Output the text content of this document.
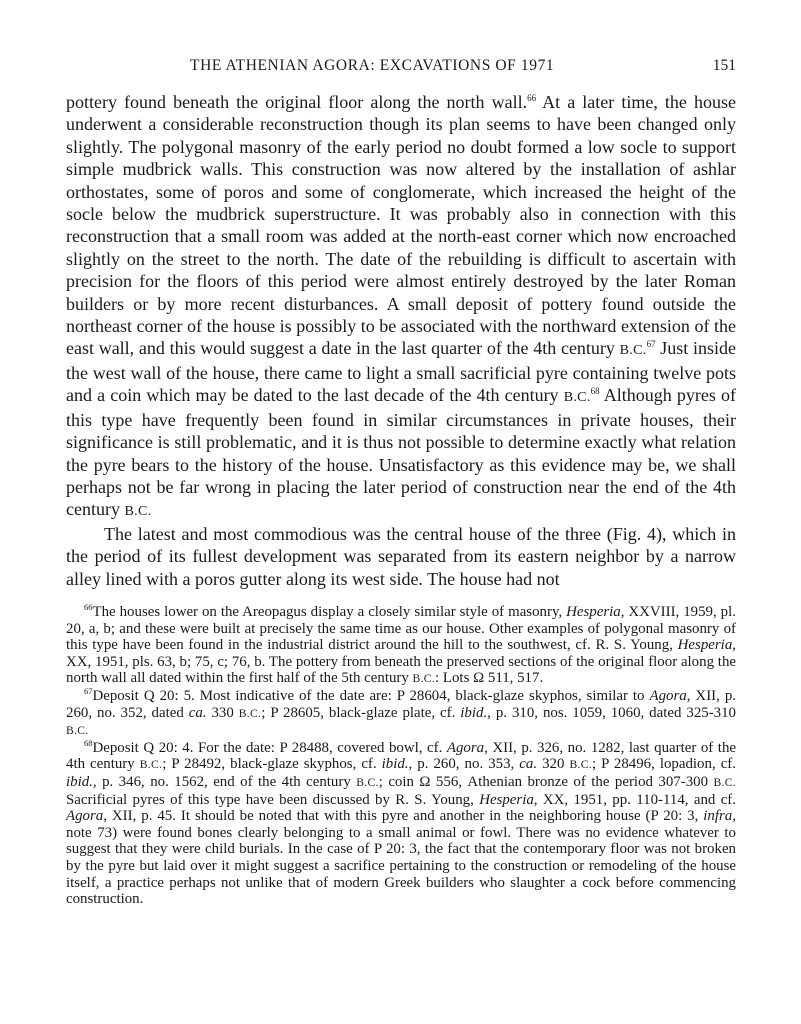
THE ATHENIAN AGORA: EXCAVATIONS OF 1971	151

pottery found beneath the original floor along the north wall.$^{66}$ At a later time, the house underwent a considerable reconstruction though its plan seems to have been changed only slightly. The polygonal masonry of the early period no doubt formed a low socle to support simple mudbrick walls. This construction was now altered by the installation of ashlar orthostates, some of poros and some of conglomerate, which increased the height of the socle below the mudbrick superstructure. It was probably also in connection with this reconstruction that a small room was added at the north-east corner which now encroached slightly on the street to the north. The date of the rebuilding is difficult to ascertain with precision for the floors of this period were almost entirely destroyed by the later Roman builders or by more recent disturbances. A small deposit of pottery found outside the northeast corner of the house is possibly to be associated with the northward extension of the east wall, and this would suggest a date in the last quarter of the 4th century B.C.$^{67}$ Just inside the west wall of the house, there came to light a small sacrificial pyre containing twelve pots and a coin which may be dated to the last decade of the 4th century B.C.$^{68}$ Although pyres of this type have frequently been found in similar circumstances in private houses, their significance is still problematic, and it is thus not possible to determine exactly what relation the pyre bears to the history of the house. Unsatisfactory as this evidence may be, we shall perhaps not be far wrong in placing the later period of construction near the end of the 4th century B.C.

The latest and most commodious was the central house of the three (Fig. 4), which in the period of its fullest development was separated from its eastern neighbor by a narrow alley lined with a poros gutter along its west side. The house had not

$^{66}$The houses lower on the Areopagus display a closely similar style of masonry, Hesperia, XXVIII, 1959, pl. 20, a, b; and these were built at precisely the same time as our house. Other examples of polygonal masonry of this type have been found in the industrial district around the hill to the southwest, cf. R. S. Young, Hesperia, XX, 1951, pls. 63, b; 75, c; 76, b. The pottery from beneath the preserved sections of the original floor along the north wall all dated within the first half of the 5th century B.C.: Lots Ω 511, 517.

$^{67}$Deposit Q 20: 5. Most indicative of the date are: P 28604, black-glaze skyphos, similar to Agora, XII, p. 260, no. 352, dated ca. 330 B.C.; P 28605, black-glaze plate, cf. ibid., p. 310, nos. 1059, 1060, dated 325-310 B.C.

$^{68}$Deposit Q 20: 4. For the date: P 28488, covered bowl, cf. Agora, XII, p. 326, no. 1282, last quarter of the 4th century B.C.; P 28492, black-glaze skyphos, cf. ibid., p. 260, no. 353, ca. 320 B.C.; P 28496, lopadion, cf. ibid., p. 346, no. 1562, end of the 4th century B.C.; coin Ω 556, Athenian bronze of the period 307-300 B.C. Sacrificial pyres of this type have been discussed by R. S. Young, Hesperia, XX, 1951, pp. 110-114, and cf. Agora, XII, p. 45. It should be noted that with this pyre and another in the neighboring house (P 20: 3, infra, note 73) were found bones clearly belonging to a small animal or fowl. There was no evidence whatever to suggest that they were child burials. In the case of P 20: 3, the fact that the contemporary floor was not broken by the pyre but laid over it might suggest a sacrifice pertaining to the construction or remodeling of the house itself, a practice perhaps not unlike that of modern Greek builders who slaughter a cock before commencing construction.
